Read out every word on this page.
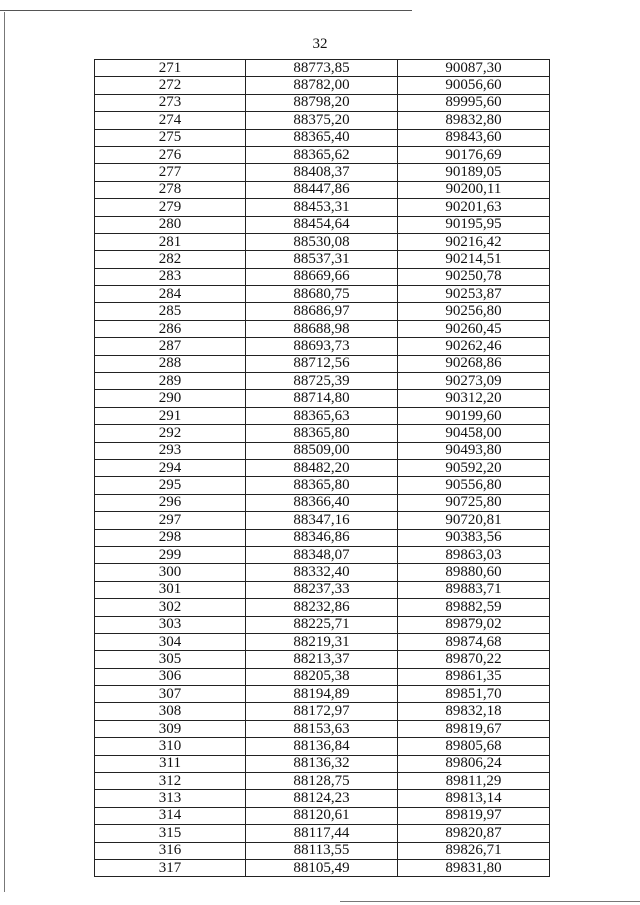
32
271	88773,85	90087,30
272	88782,00	90056,60
273	88798,20	89995,60
274	88375,20	89832,80
275	88365,40	89843,60
276	88365,62	90176,69
277	88408,37	90189,05
278	88447,86	90200,11
279	88453,31	90201,63
280	88454,64	90195,95
281	88530,08	90216,42
282	88537,31	90214,51
283	88669,66	90250,78
284	88680,75	90253,87
285	88686,97	90256,80
286	88688,98	90260,45
287	88693,73	90262,46
288	88712,56	90268,86
289	88725,39	90273,09
290	88714,80	90312,20
291	88365,63	90199,60
292	88365,80	90458,00
293	88509,00	90493,80
294	88482,20	90592,20
295	88365,80	90556,80
296	88366,40	90725,80
297	88347,16	90720,81
298	88346,86	90383,56
299	88348,07	89863,03
300	88332,40	89880,60
301	88237,33	89883,71
302	88232,86	89882,59
303	88225,71	89879,02
304	88219,31	89874,68
305	88213,37	89870,22
306	88205,38	89861,35
307	88194,89	89851,70
308	88172,97	89832,18
309	88153,63	89819,67
310	88136,84	89805,68
311	88136,32	89806,24
312	88128,75	89811,29
313	88124,23	89813,14
314	88120,61	89819,97
315	88117,44	89820,87
316	88113,55	89826,71
317	88105,49	89831,80
